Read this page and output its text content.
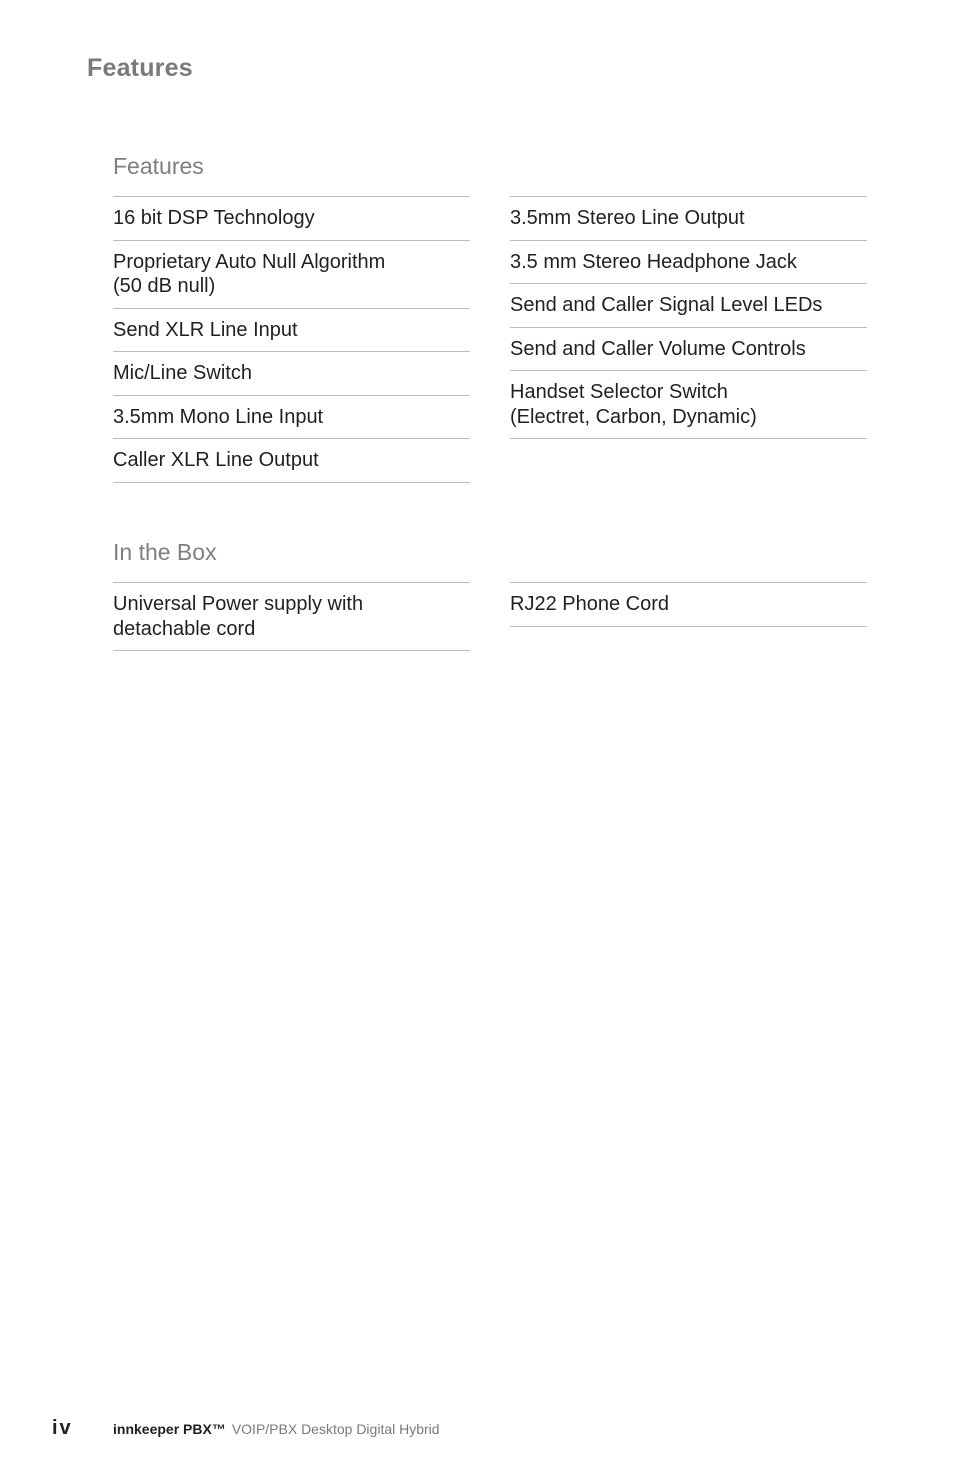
Features
Features
16 bit DSP Technology
Proprietary Auto Null Algorithm
(50 dB null)
Send XLR Line Input
Mic/Line Switch
3.5mm Mono Line Input
Caller XLR Line Output
3.5mm Stereo Line Output
3.5 mm Stereo Headphone Jack
Send and Caller Signal Level LEDs
Send and Caller Volume Controls
Handset Selector Switch
(Electret, Carbon, Dynamic)
In the Box
Universal Power supply with
detachable cord
RJ22 Phone Cord
iv	innkeeper PBX™ VOIP/PBX Desktop Digital Hybrid
